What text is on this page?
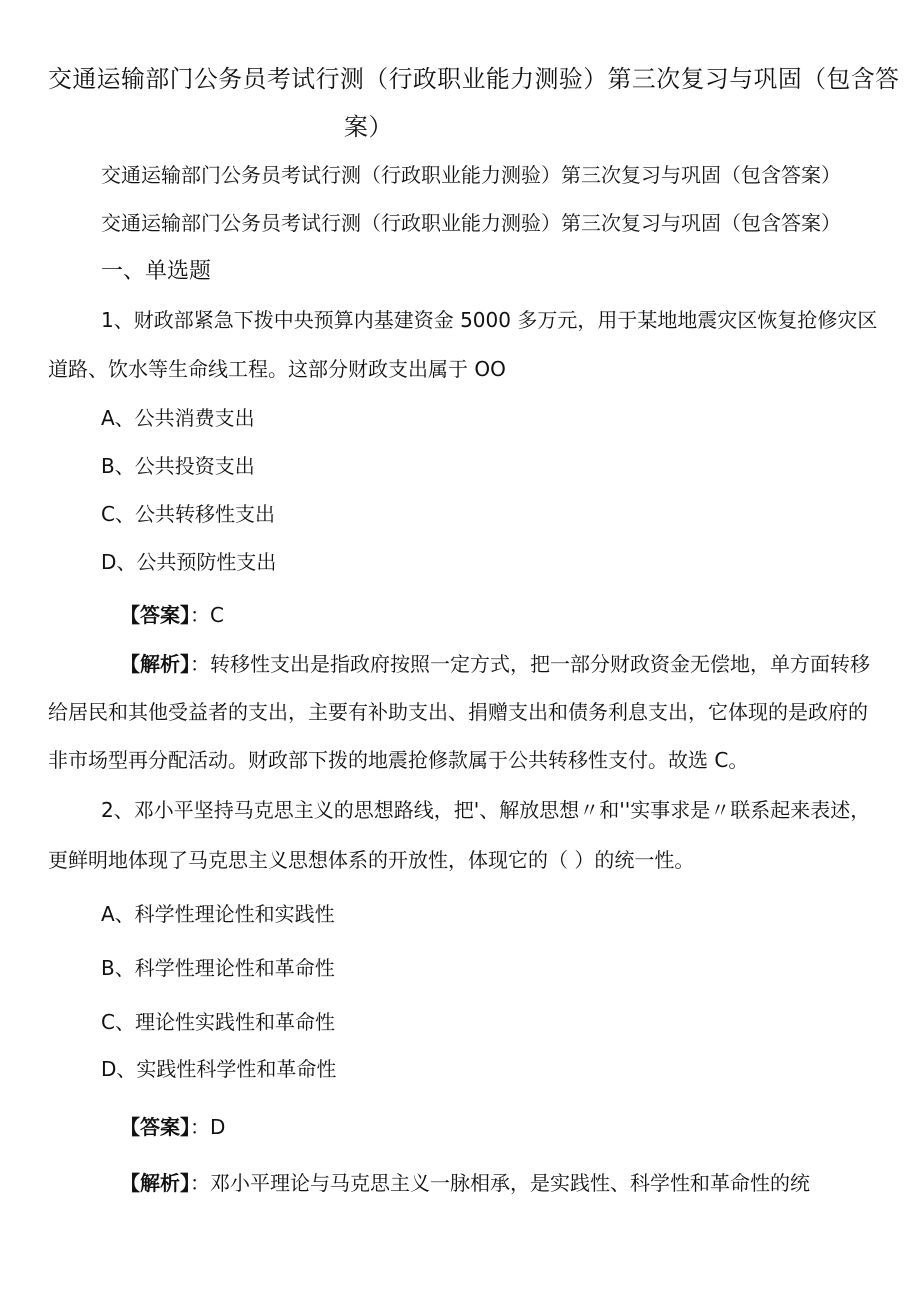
交通运输部门公务员考试行测（行政职业能力测验）第三次复习与巩固（包含答
案）
交通运输部门公务员考试行测（行政职业能力测验）第三次复习与巩固（包含答案）
交通运输部门公务员考试行测（行政职业能力测验）第三次复习与巩固（包含答案）
一、单选题
1、财政部紧急下拨中央预算内基建资金 5000 多万元，用于某地地震灾区恢复抢修灾区
道路、饮水等生命线工程。这部分财政支出属于 OO
A、公共消费支出
B、公共投资支出
C、公共转移性支出
D、公共预防性支出
【答案】：C
【解析】：转移性支出是指政府按照一定方式，把一部分财政资金无偿地，单方面转移
给居民和其他受益者的支出，主要有补助支出、捐赠支出和债务利息支出，它体现的是政府的
非市场型再分配活动。财政部下拨的地震抢修款属于公共转移性支付。故选 C。
2、邓小平坚持马克思主义的思想路线，把'、解放思想〃和''实事求是〃联系起来表述，
更鲜明地体现了马克思主义思想体系的开放性，体现它的（ ）的统一性。
A、科学性理论性和实践性
B、科学性理论性和革命性
C、理论性实践性和革命性
D、实践性科学性和革命性
【答案】：D
【解析】：邓小平理论与马克思主义一脉相承，是实践性、科学性和革命性的统
